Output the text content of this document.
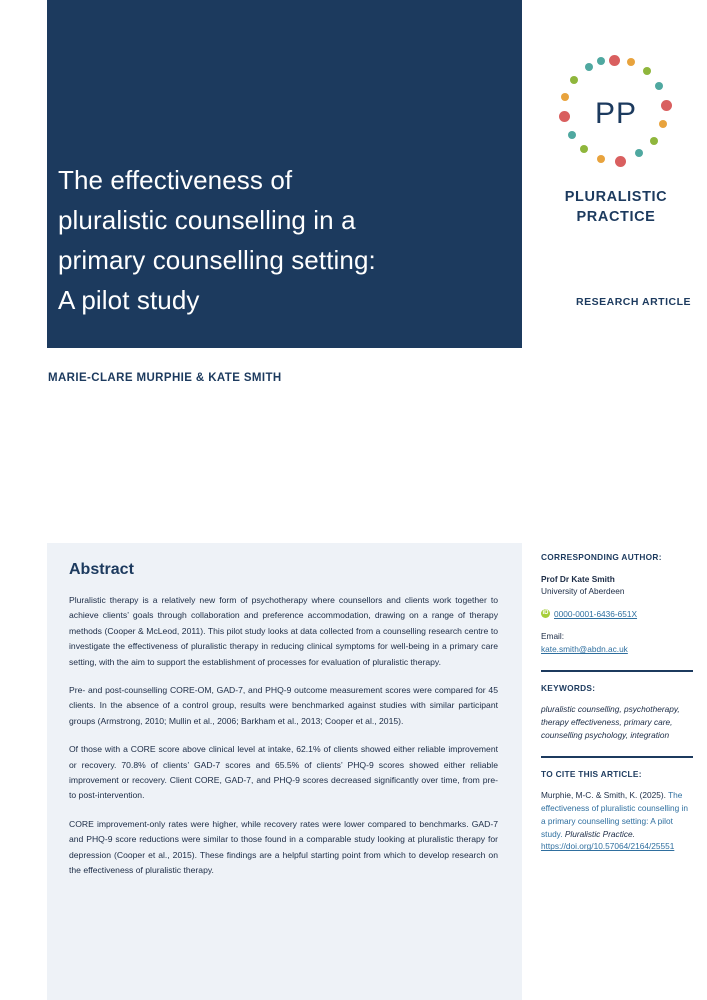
The effectiveness of
pluralistic counselling in a
primary counselling setting:
A pilot study
PP
PLURALISTIC
PRACTICE
RESEARCH ARTICLE
MARIE-CLARE MURPHIE & KATE SMITH
Abstract

Pluralistic therapy is a relatively new form of psychotherapy where counsellors and clients work together to achieve clients’ goals through collaboration and preference accommodation, drawing on a range of therapy methods (Cooper & McLeod, 2011). This pilot study looks at data collected from a counselling research centre to investigate the effectiveness of pluralistic therapy in reducing clinical symptoms for well-being in a primary care setting, with the aim to support the establishment of processes for evaluation of pluralistic therapy.

Pre- and post-counselling CORE-OM, GAD-7, and PHQ-9 outcome measurement scores were compared for 45 clients. In the absence of a control group, results were benchmarked against studies with similar participant groups (Armstrong, 2010; Mullin et al., 2006; Barkham et al., 2013; Cooper et al., 2015).

Of those with a CORE score above clinical level at intake, 62.1% of clients showed either reliable improvement or recovery. 70.8% of clients’ GAD-7 scores and 65.5% of clients’ PHQ-9 scores showed either reliable improvement or recovery. Client CORE, GAD-7, and PHQ-9 scores decreased significantly over time, from pre- to post-intervention.

CORE improvement-only rates were higher, while recovery rates were lower compared to benchmarks. GAD-7 and PHQ-9 score reductions were similar to those found in a comparable study looking at pluralistic therapy for depression (Cooper et al., 2015). These findings are a helpful starting point from which to develop research on the effectiveness of pluralistic therapy.

CORRESPONDING AUTHOR:
Prof Dr Kate Smith
University of Aberdeen
iD 0000-0001-6436-651X
Email:
kate.smith@abdn.ac.uk
KEYWORDS:
pluralistic counselling, psychotherapy, therapy effectiveness, primary care, counselling psychology, integration
TO CITE THIS ARTICLE:
Murphie, M-C. & Smith, K. (2025). The effectiveness of pluralistic counselling in a primary counselling setting: A pilot study. Pluralistic Practice.
https://doi.org/10.57064/2164/25551
